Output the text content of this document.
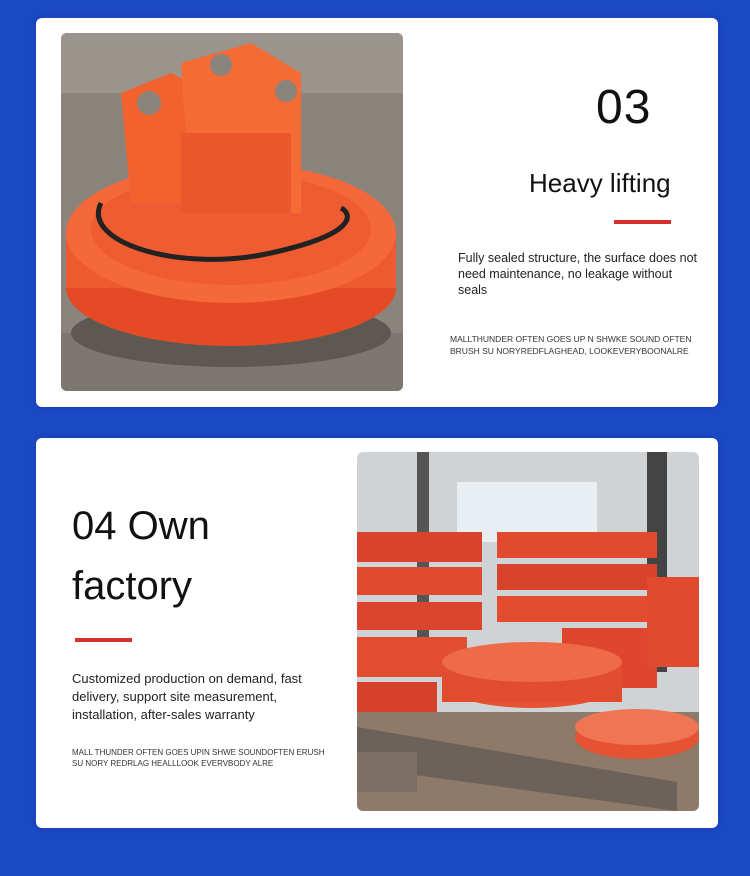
03
Heavy lifting
Fully sealed structure, the surface does not need maintenance, no leakage without seals
MALLTHUNDER OFTEN GOES UP N SHWKE SOUND OFTEN BRUSH SU NORYREDFLAGHEAD, LOOKEVERYBOONALRE
04 Own
factory
Customized production on demand, fast delivery, support site measurement, installation, after-sales warranty
MALL THUNDER OFTEN GOES UPIN SHWE SOUNDOFTEN ERUSH SU NORY REDRLAG HEALLLOOK EVERVBODY ALRE
